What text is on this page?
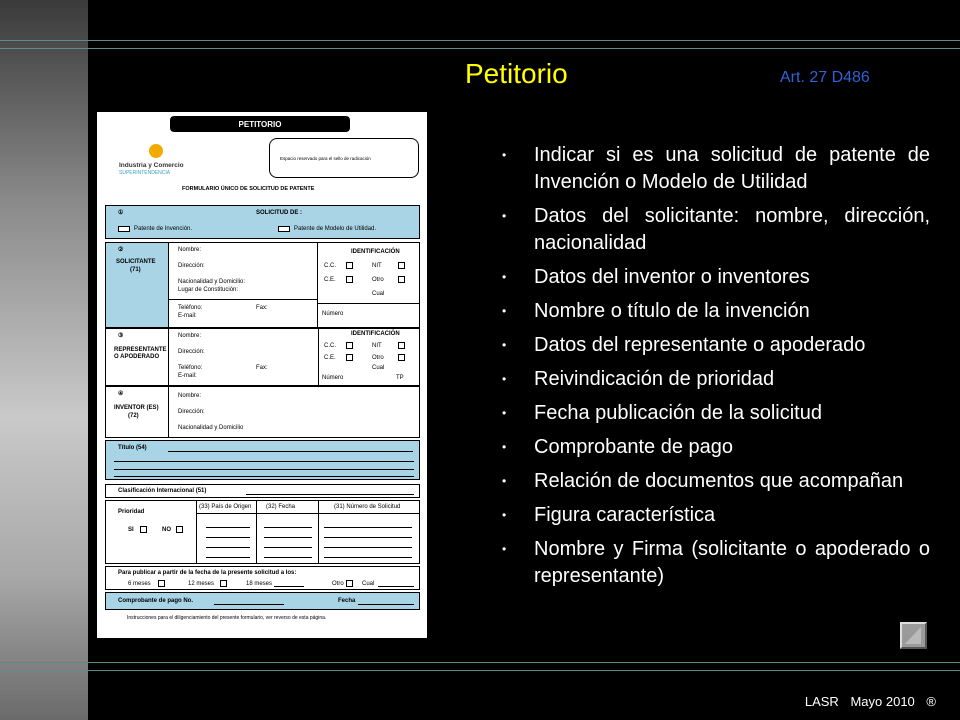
Petitorio	Art. 27 D486
PETITORIO
Espacio reservado para el sello de radicación
Industria y Comercio
SUPERINTENDENCIA
FORMULARIO ÚNICO DE SOLICITUD DE PATENTE
①	SOLICITUD DE :
Patente de Invención.	Patente de Modelo de Utilidad.
②
SOLICITANTE
(71)
Nombre:
Dirección:
Nacionalidad y Domicilio:
Lugar de Constitución:
Teléfono:	Fax:
E-mail:
IDENTIFICACIÓN
C.C.	NIT
C.E.	Otro
Cual
Número
③
REPRESENTANTE O APODERADO
Nombre:
Dirección:
Teléfono:	Fax:
E-mail:
IDENTIFICACIÓN
C.C.	NIT
C.E.	Otro
Cual
Número	TP
④
INVENTOR (ES)
(72)
Nombre:
Dirección:
Nacionalidad y Domicilio
Título (54)
Clasificación Internacional (51)
Prioridad
SI	NO
(33) País de Origen (32) Fecha	(31) Número de Solicitud
Para publicar a partir de la fecha de la presente solicitud a los:
6 meses	12 meses	18 meses	Otro	Cual
Comprobante de pago No.	Fecha
Instrucciones para el diligenciamiento del presente formulario, ver reverso de esta página.
• Indicar si es una solicitud de patente de Invención o Modelo de Utilidad
• Datos del solicitante: nombre, dirección, nacionalidad
• Datos del inventor o inventores
• Nombre o título de la invención
• Datos del representante o apoderado
• Reivindicación de prioridad
• Fecha publicación de la solicitud
• Comprobante de pago
• Relación de documentos que acompañan
• Figura característica
• Nombre y Firma (solicitante o apoderado o representante)
LASR Mayo 2010 ®
